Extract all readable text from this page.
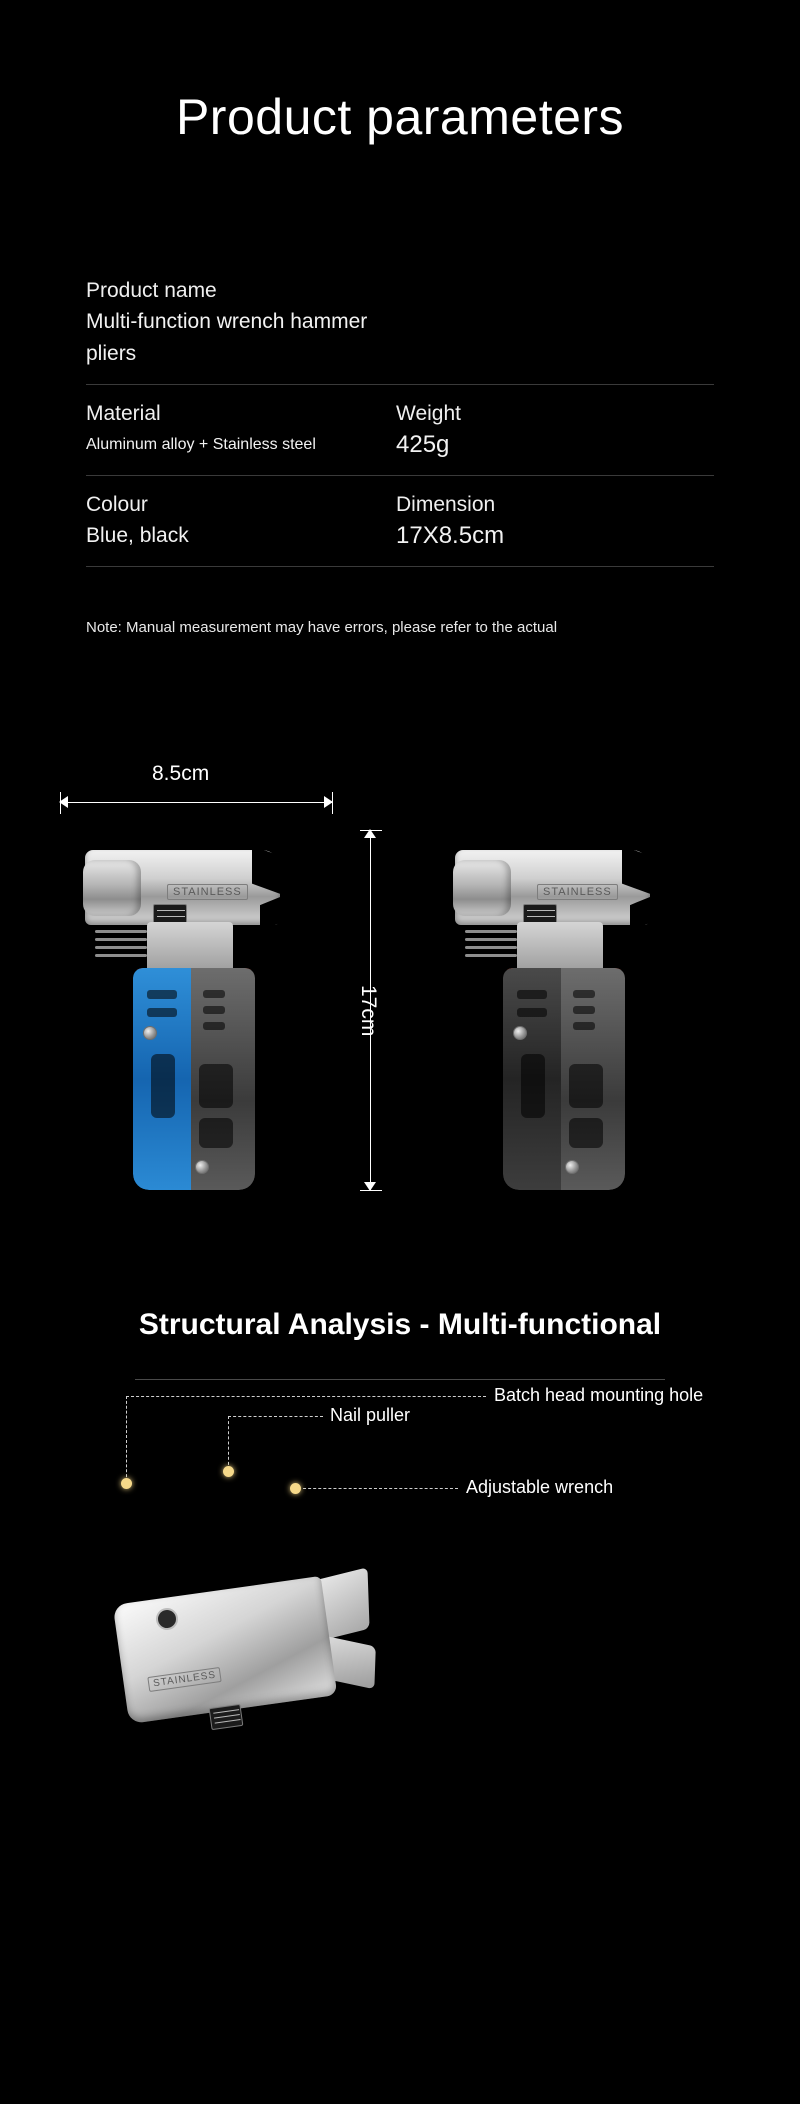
Product parameters
Product name
Multi-function wrench hammer pliers
Material
Aluminum alloy + Stainless steel
Weight
425g
Colour
Blue, black
Dimension
17X8.5cm
Note: Manual measurement may have errors, please refer to the actual
8.5cm
17cm
STAINLESS	STAINLESS
Structural Analysis - Multi-functional
Batch head mounting hole
Nail puller
Adjustable wrench
STAINLESS
